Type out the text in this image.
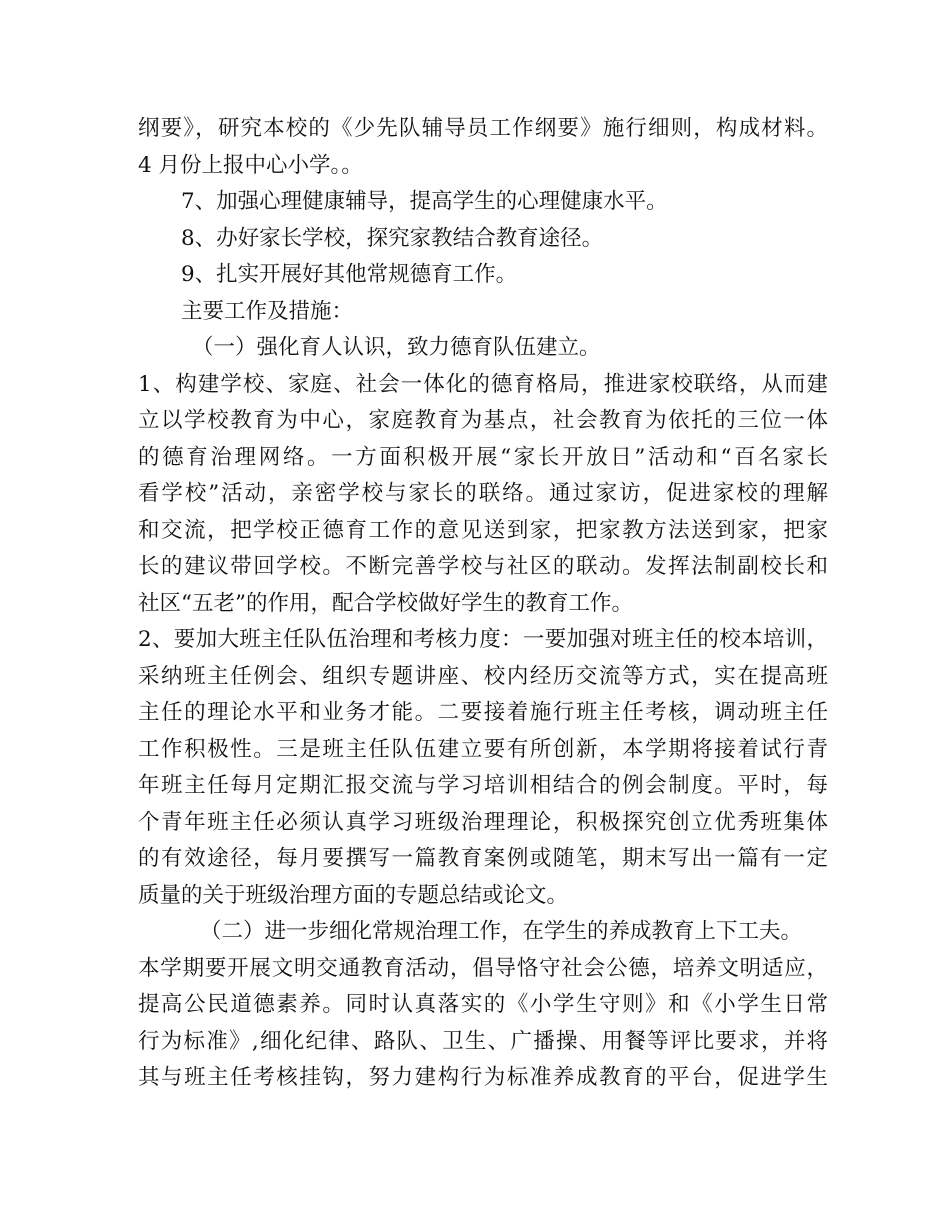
纲要》，研究本校的《少先队辅导员工作纲要》施行细则，构成材料。
4 月份上报中心小学。。
7、加强心理健康辅导，提高学生的心理健康水平。
8、办好家长学校，探究家教结合教育途径。
9、扎实开展好其他常规德育工作。
主要工作及措施：
（一）强化育人认识，致力德育队伍建立。
1、构建学校、家庭、社会一体化的德育格局，推进家校联络，从而建
立以学校教育为中心，家庭教育为基点，社会教育为依托的三位一体
的德育治理网络。一方面积极开展“家长开放日”活动和“百名家长
看学校”活动，亲密学校与家长的联络。通过家访，促进家校的理解
和交流，把学校正德育工作的意见送到家，把家教方法送到家，把家
长的建议带回学校。不断完善学校与社区的联动。发挥法制副校长和
社区“五老”的作用，配合学校做好学生的教育工作。
2、要加大班主任队伍治理和考核力度：一要加强对班主任的校本培训，
采纳班主任例会、组织专题讲座、校内经历交流等方式，实在提高班
主任的理论水平和业务才能。二要接着施行班主任考核，调动班主任
工作积极性。三是班主任队伍建立要有所创新，本学期将接着试行青
年班主任每月定期汇报交流与学习培训相结合的例会制度。平时，每
个青年班主任必须认真学习班级治理理论，积极探究创立优秀班集体
的有效途径，每月要撰写一篇教育案例或随笔，期末写出一篇有一定
质量的关于班级治理方面的专题总结或论文。
（二）进一步细化常规治理工作，在学生的养成教育上下工夫。
本学期要开展文明交通教育活动，倡导恪守社会公德，培养文明适应，
提高公民道德素养。同时认真落实的《小学生守则》和《小学生日常
行为标准》,细化纪律、路队、卫生、广播操、用餐等评比要求，并将
其与班主任考核挂钩，努力建构行为标准养成教育的平台，促进学生
